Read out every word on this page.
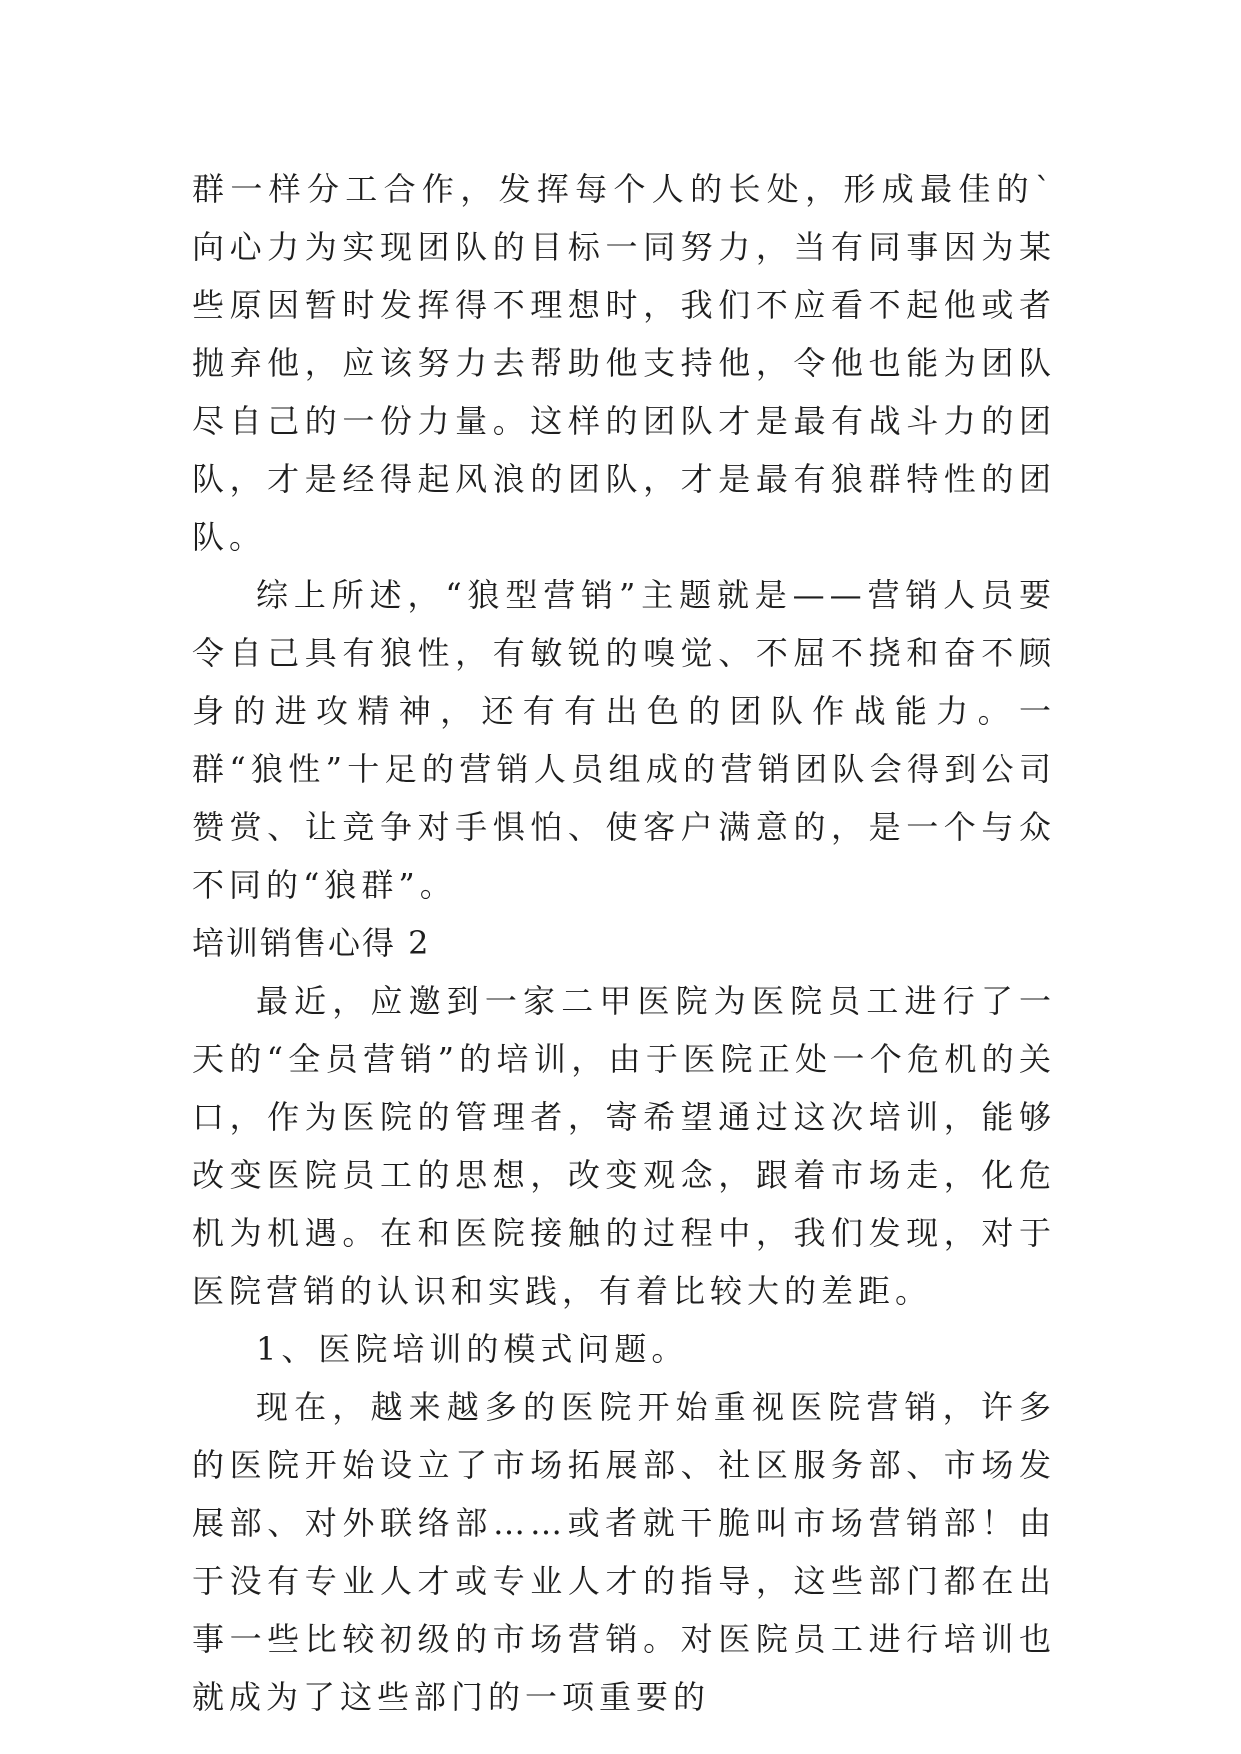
群一样分工合作，发挥每个人的长处，形成最佳的`向心力为实现团队的目标一同努力，当有同事因为某些原因暂时发挥得不理想时，我们不应看不起他或者抛弃他，应该努力去帮助他支持他，令他也能为团队尽自己的一份力量。这样的团队才是最有战斗力的团队，才是经得起风浪的团队，才是最有狼群特性的团队。

综上所述，“狼型营销”主题就是——营销人员要令自己具有狼性，有敏锐的嗅觉、不屈不挠和奋不顾身的进攻精神，还有有出色的团队作战能力。一群“狼性”十足的营销人员组成的营销团队会得到公司赞赏、让竞争对手惧怕、使客户满意的，是一个与众不同的“狼群”。

培训销售心得 2

最近，应邀到一家二甲医院为医院员工进行了一天的“全员营销”的培训，由于医院正处一个危机的关口，作为医院的管理者，寄希望通过这次培训，能够改变医院员工的思想，改变观念，跟着市场走，化危机为机遇。在和医院接触的过程中，我们发现，对于医院营销的认识和实践，有着比较大的差距。

1、医院培训的模式问题。

现在，越来越多的医院开始重视医院营销，许多的医院开始设立了市场拓展部、社区服务部、市场发展部、对外联络部……或者就干脆叫市场营销部！由于没有专业人才或专业人才的指导，这些部门都在出事一些比较初级的市场营销。对医院员工进行培训也就成为了这些部门的一项重要的
